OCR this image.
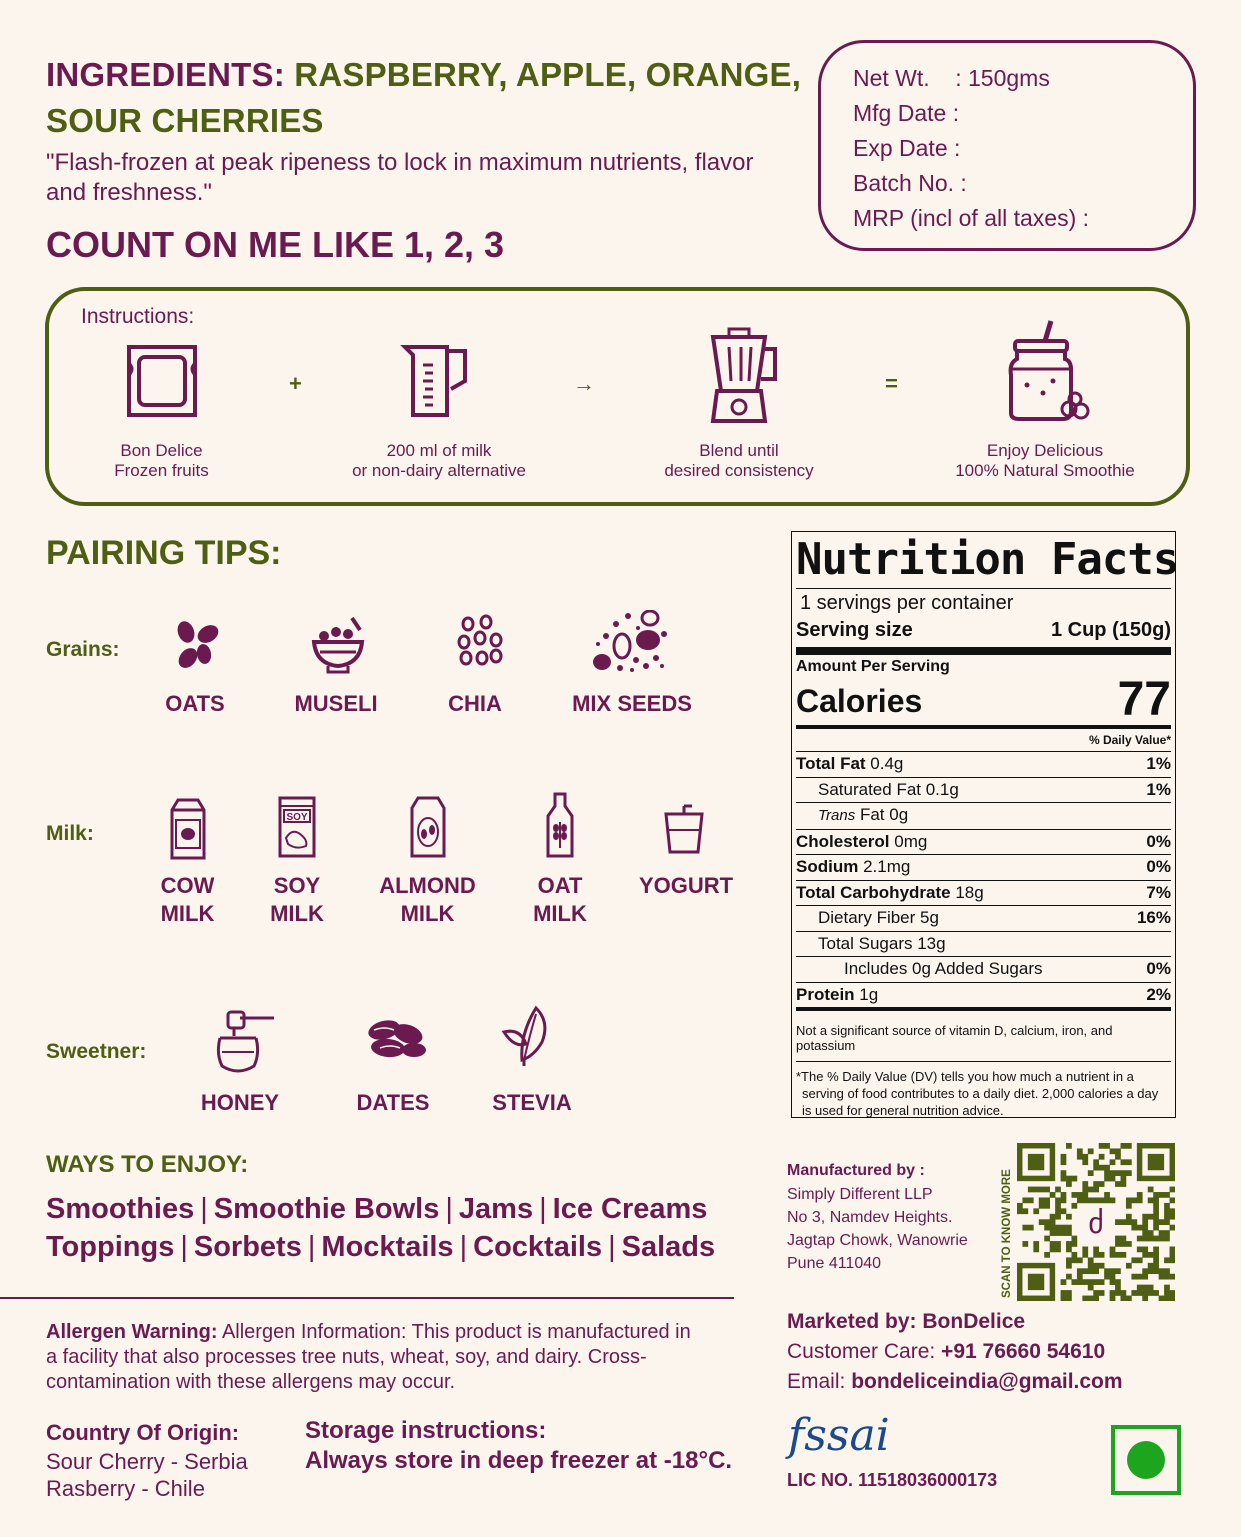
INGREDIENTS: RASPBERRY, APPLE, ORANGE,
SOUR CHERRIES
"Flash-frozen at peak ripeness to lock in maximum nutrients, flavor and freshness."
COUNT ON ME LIKE 1, 2, 3
Net Wt.    : 150gms
Mfg Date :
Exp Date :
Batch No. :
MRP (incl of all taxes) :
Instructions:
+	→	=
Bon Delice
Frozen fruits
200 ml of milk
or non-dairy alternative
Blend until
desired consistency
Enjoy Delicious
100% Natural Smoothie
PAIRING TIPS:
Grains:
OATS	MUSELI	CHIA	MIX SEEDS
Milk:
SOY
COW
MILK
SOY
MILK
ALMOND
MILK
OAT
MILK
YOGURT
Sweetner:
HONEY	DATES	STEVIA
WAYS TO ENJOY:
Smoothies | Smoothie Bowls | Jams | Ice Creams
Toppings | Sorbets | Mocktails | Cocktails | Salads
Allergen Warning: Allergen Information: This product is manufactured in a facility that also processes tree nuts, wheat, soy, and dairy. Cross-contamination with these allergens may occur.
Country Of Origin:
Sour Cherry - Serbia
Rasberry - Chile
Storage instructions:
Always store in deep freezer at -18°C.
Nutrition Facts
1 servings per container
Serving size	1 Cup (150g)
Amount Per Serving
Calories	77
% Daily Value*
Total Fat 0.4g	1%
Saturated Fat 0.1g	1%
Trans Fat 0g
Cholesterol 0mg	0%
Sodium 2.1mg	0%
Total Carbohydrate 18g	7%
Dietary Fiber 5g	16%
Total Sugars 13g
Includes 0g Added Sugars	0%
Protein 1g	2%
Not a significant source of vitamin D, calcium, iron, and potassium
*The % Daily Value (DV) tells you how much a nutrient in a serving of food contributes to a daily diet. 2,000 calories a day is used for general nutrition advice.
Manufactured by :
Simply Different LLP
No 3, Namdev Heights.
Jagtap Chowk, Wanowrie
Pune 411040	SCAN TO KNOW MORE	ძ
Marketed by: BonDelice
Customer Care: +91 76660 54610
Email: bondeliceindia@gmail.com
fssai
LIC NO. 11518036000173
